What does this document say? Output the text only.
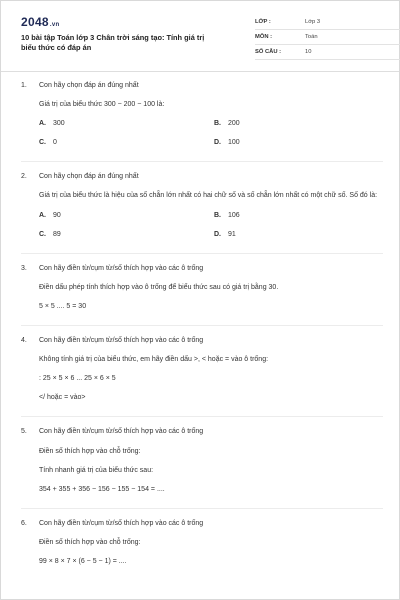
2048.vn
10 bài tập Toán lớp 3 Chân trời sáng tạo: Tính giá trị biểu thức có đáp án
LỚP :	Lớp 3
MÔN :	Toán
SỐ CÂU :	10
1.	Con hãy chọn đáp án đúng nhất
Giá trị của biểu thức 300 − 200 − 100 là:
A.	300	B.	200
C.	0	D.	100
2.	Con hãy chọn đáp án đúng nhất
Giá trị của biểu thức là hiệu của số chẵn lớn nhất có hai chữ số và số chẵn lớn nhất có một chữ số. Số đó là:
A.	90	B.	106
C.	89	D.	91
3.	Con hãy điền từ/cụm từ/số thích hợp vào các ô trống
Điền dấu phép tính thích hợp vào ô trống để biểu thức sau có giá trị bằng 30.
5 × 5 .... 5 = 30
4.	Con hãy điền từ/cụm từ/số thích hợp vào các ô trống
Không tính giá trị của biểu thức, em hãy điền dấu >, < hoặc = vào ô trống:
: 25 × 5 × 6 ... 25 × 6 × 5
</ hoặc = vào>
5.	Con hãy điền từ/cụm từ/số thích hợp vào các ô trống
Điền số thích hợp vào chỗ trống:
Tính nhanh giá trị của biểu thức sau:
354 + 355 + 356 − 156 − 155 − 154 = ....
6.	Con hãy điền từ/cụm từ/số thích hợp vào các ô trống
Điền số thích hợp vào chỗ trống:
99 × 8 × 7 × (6 − 5 − 1) = ....
